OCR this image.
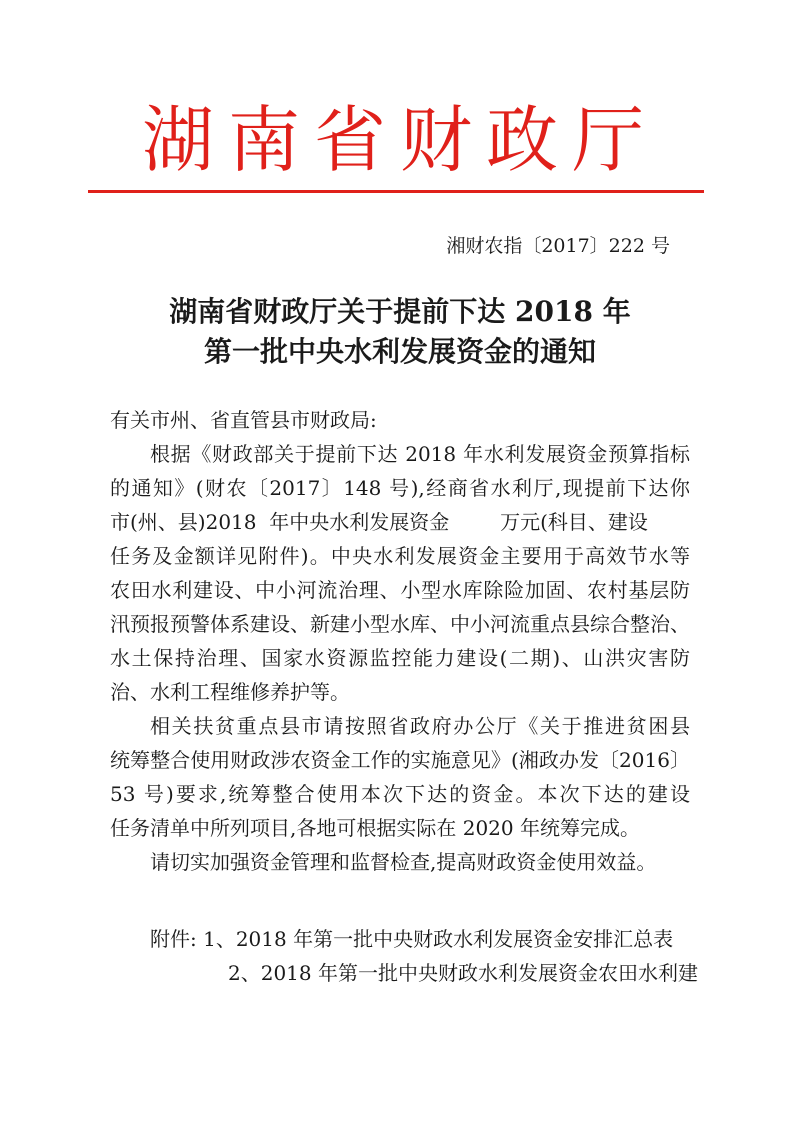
湖南省财政厅
湘财农指〔2017〕222 号
湖南省财政厅关于提前下达 2018 年
第一批中央水利发展资金的通知
有关市州、省直管县市财政局:
根据《财政部关于提前下达 2018 年水利发展资金预算指标
的通知》(财农〔2017〕148 号),经商省水利厅,现提前下达你
市(州、县)2018  年中央水利发展资金        万元(科目、建设
任务及金额详见附件)。中央水利发展资金主要用于高效节水等
农田水利建设、中小河流治理、小型水库除险加固、农村基层防
汛预报预警体系建设、新建小型水库、中小河流重点县综合整治、
水土保持治理、国家水资源监控能力建设(二期)、山洪灾害防
治、水利工程维修养护等。
相关扶贫重点县市请按照省政府办公厅《关于推进贫困县
统筹整合使用财政涉农资金工作的实施意见》(湘政办发〔2016〕
53 号)要求,统筹整合使用本次下达的资金。本次下达的建设
任务清单中所列项目,各地可根据实际在 2020 年统筹完成。
请切实加强资金管理和监督检查,提高财政资金使用效益。
附件: 1、2018 年第一批中央财政水利发展资金安排汇总表
2、2018 年第一批中央财政水利发展资金农田水利建
